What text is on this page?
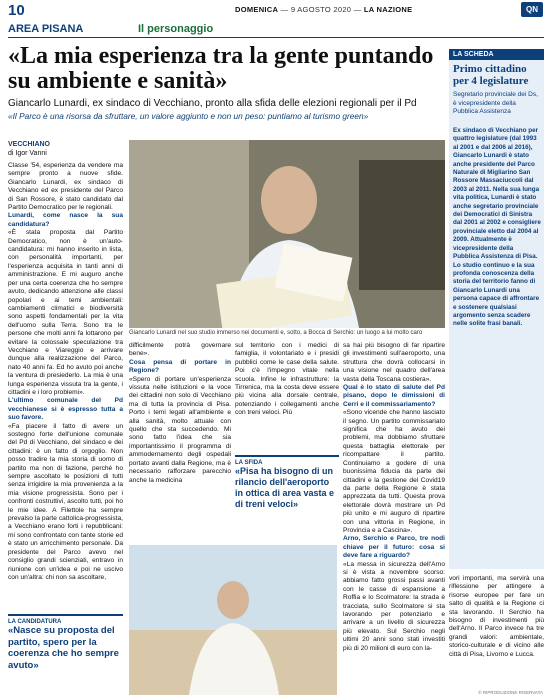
10	DOMENICA — 9 AGOSTO 2020 — LA NAZIONE	QN
AREA PISANA	Il personaggio
«La mia esperienza tra la gente puntando su ambiente e sanità»
Giancarlo Lunardi, ex sindaco di Vecchiano, pronto alla sfida delle elezioni regionali per il Pd
«Il Parco è una risorsa da sfruttare, un valore aggiunto e non un peso: puntiamo al turismo green»
LA SCHEDA
Primo cittadino per 4 legislature
Segretario provinciale dei Ds, è vicepresidente della Pubblica Assistenza
Ex sindaco di Vecchiano per quattro legislature (dal 1993 al 2001 e dal 2006 al 2016), Giancarlo Lunardi è stato anche presidente del Parco Naturale di Migliarino San Rossore Massaciuccoli dal 2003 al 2011. Nella sua lunga vita politica, Lunardi è stato anche segretario provinciale dei Democratici di Sinistra dal 2001 al 2002 e consigliere provinciale eletto dal 2004 al 2009. Attualmente è vicepresidente della Pubblica Assistenza di Pisa. Lo studio continuo e la sua profonda conoscenza della storia del territorio fanno di Giancarlo Lunardi una persona capace di affrontare e sostenere qualsiasi argomento senza scadere nelle solite frasi banali.
VECCHIANO
di Igor Vanni
Classe '54, esperienza da vendere ma sempre pronto a nuove sfide. Giancarlo Lunardi, ex sindaco di Vecchiano ed ex presidente del Parco di San Rossore, è stato candidato dal Partito Democratico per le regionali.
Lunardi, come nasce la sua candidatura?
«È stata proposta dal Partito Democratico, non è un'auto-candidatura: mi hanno inserito in lista, con personalità importanti, per l'esperienza acquisita in tanti anni di amministrazione. E mi auguro anche per una certa coerenza che ho sempre avuto, dedicando attenzione alle classi popolari e ai temi ambientali: cambiamenti climatici e biodiversità sono aspetti fondamentali per la vita dell'uomo sulla Terra. Sono tra le persone che molti anni fa lottarono per evitare la colossale speculazione tra Vecchiano e Viareggio e arrivare dunque alla realizzazione del Parco, nato 40 anni fa. Ed ho avuto poi anche la ventura di presiederlo. La mia è una lunga esperienza vissuta tra la gente, i cittadini e i loro problemi».
L'ultimo comunale del Pd vecchianese si è espresso tutta a suo favore.
«Fa piacere il fatto di avere un sostegno forte dell'unione comunale del Pd di Vecchiano, del sindaco e dei cittadini: è un fatto di orgoglio. Non posso tradire la mia storia di uomo di partito ma non di fazione, perché ho sempre ascoltato le posizioni di tutti senza irrigidire la mia provenienza a la mia visione progressista. Sono per i confronti costruttivi, ascolto tutti, poi ho le mie idee. A Filettole ha sempre prevalso la parte cattolica-progressista, a Vecchiano erano forti i repubblicani: mi sono confrontato con tante storie ed è stato un arricchimento personale. Da presidente del Parco avevo nel consiglio grandi scienziati, entravo in riunione con un'idea e poi ne uscivo con un'altra: chi non sa ascoltare,
Giancarlo Lunardi nel suo studio immerso nei documenti e, sotto, a Bocca di Serchio: un luogo a lui molto caro
difficilmente potrà governare bene».
Cosa pensa di portare in Regione?
«Spero di portare un'esperienza vissuta nelle istituzioni e la voce dei cittadini non solo di Vecchiano ma di tutta la provincia di Pisa. Porto i temi legati all'ambiente e alla sanità, molto attuale con quello che sta succedendo. Mi sono fatto l'idea che sia importantissimo il programma di ammodernamento degli ospedali portato avanti dalla Regione, ma è necessario rafforzare parecchio anche la medicina
sul territorio con i medici di famiglia, il volontariato e i presidi pubblici come le case della salute. Poi c'è l'impegno vitale nella scuola. Infine le infrastrutture: la Tirrenica, ma la costa deve essere più vicina alla dorsale centrale, potenziando i collegamenti anche con treni veloci. Più
LA SFIDA
«Pisa ha bisogno di un rilancio dell'aeroporto in ottica di area vasta e di treni veloci»
sa hai più bisogno di far ripartire gli investimenti sull'aeroporto, una struttura che dovrà collocarsi in una visione nel quadro dell'area vasta della Toscana costiera».
Qual è lo stato di salute del Pd pisano, dopo le dimissioni di Cerri e il commissariamento?
«Sono vicende che hanno lasciato il segno. Un partito commissariato significa che ha avuto dei problemi, ma dobbiamo sfruttare questa battaglia elettorale per ricompattare il partito. Continuiamo a godere di una buonissima fiducia da parte dei cittadini e la gestione del Covid19 da parte della Regione è stata apprezzata da tutti. Questa prova elettorale dovrà mostrare un Pd più unito e mi auguro di ripartire con una vittoria in Regione, in Provincia e a Cascina».
Arno, Serchio e Parco, tre nodi chiave per il futuro: cosa si deve fare a riguardo?
«La messa in sicurezza dell'Arno si è vista a novembre scorso: abbiamo fatto grossi passi avanti con le casse di espansione a Roffia e lo Scolmatore: la strada è tracciata, sullo Scolmatore si sta lavorando per potenziarlo e arrivare a un livello di sicurezza più elevato. Sul Serchio negli ultimi 20 anni sono stati investiti più di 20 milioni di euro con la-
vori importanti, ma servirà una riflessione per attingere a risorse europee per fare un salto di qualità e la Regione ci sta lavorando. Il Serchio ha bisogno di investimenti più dell'Arno. Il Parco invece ha tre grandi valori: ambientale, storico-culturale e di vicino alle città di Pisa, Livorno e Lucca.
LA CANDIDATURA
«Nasce su proposta del partito, spero per la coerenza che ho sempre avuto»
© RIPRODUZIONE RISERVATA
